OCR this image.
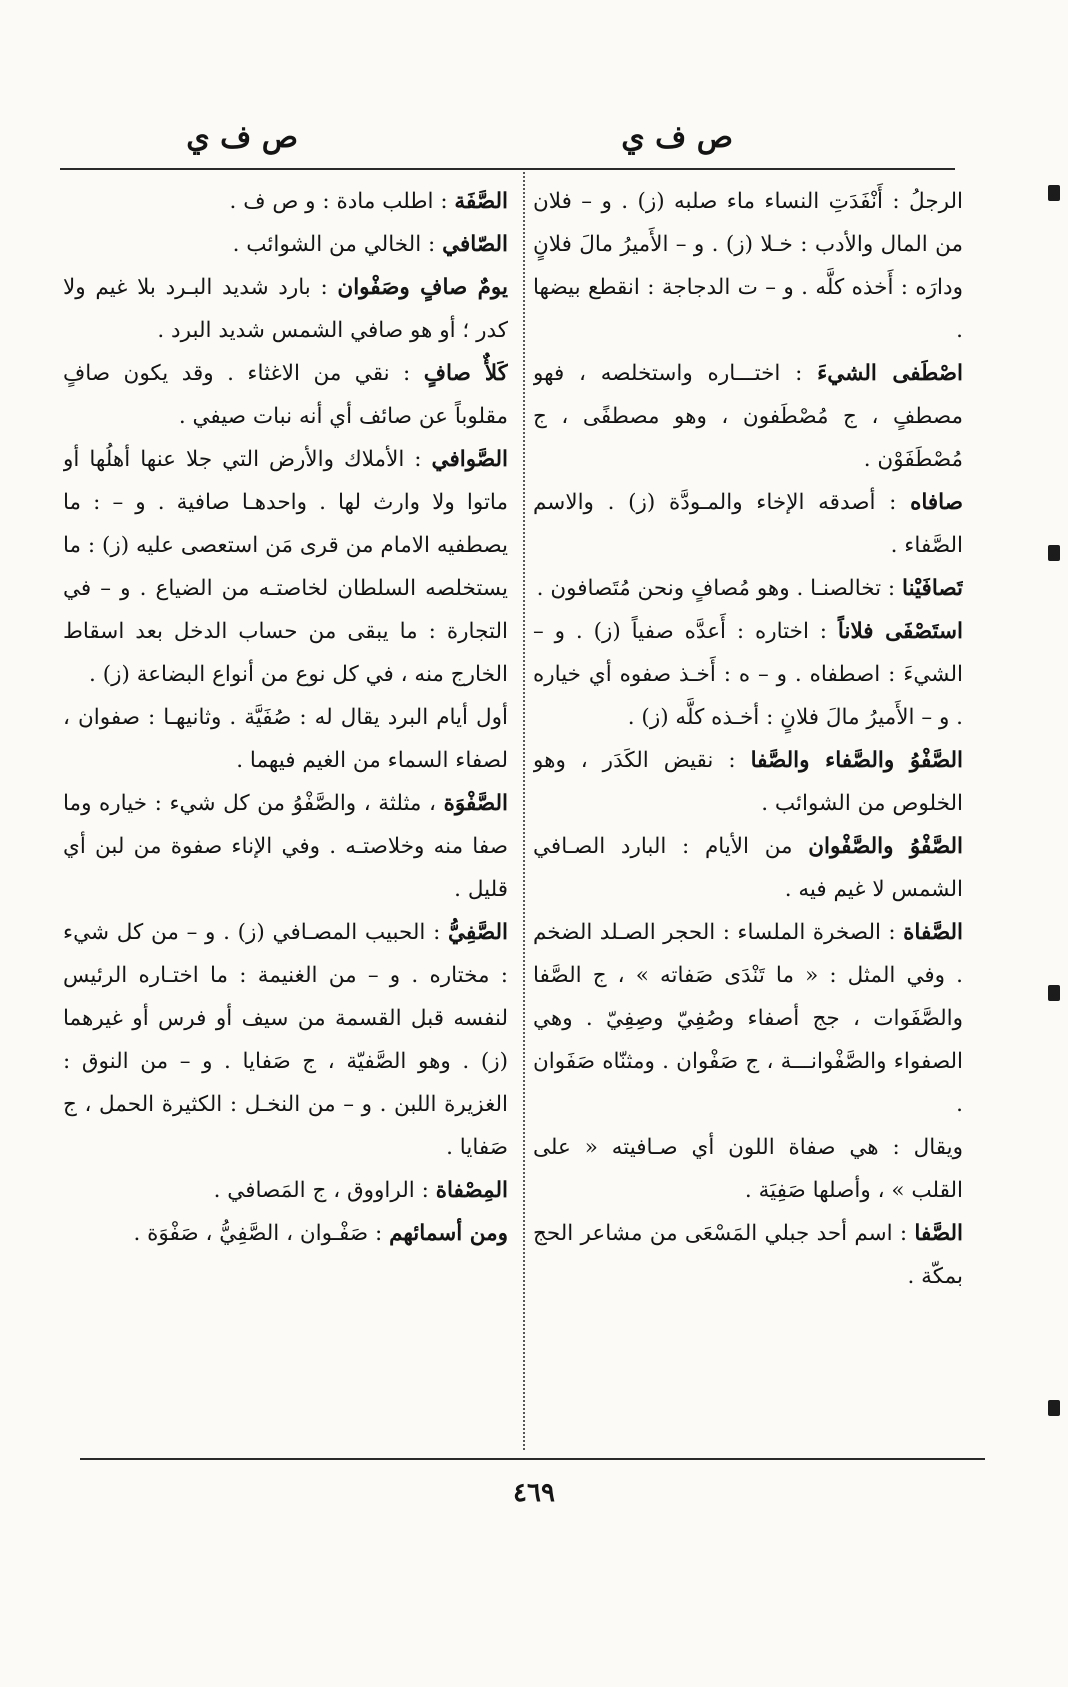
ص ف ي
ص ف ي

الرجلُ : أَنْفَدَتِ النساء ماء صلبه (ز) . و – فلان من المال والأدب : خـلا (ز) . و – الأَميرُ مالَ فلانٍ ودارَه : أَخذه كلَّه . و – ت الدجاجة : انقطع بيضها .

اصْطَفى الشيءَ : اختـــاره واستخلصه ، فهو مصطفٍ ، ج مُصْطَفون ، وهو مصطفًى ، ج مُصْطَفَوْن .

صافاه : أصدقه الإخاء والمـودَّة (ز) . والاسم الصَّفاء .

تَصافَيْنا : تخالصنـا . وهو مُصافٍ ونحن مُتَصافون .

استَصْفَى فلاناً : اختاره : أَعدَّه صفياً (ز) . و – الشيءَ : اصطفاه . و – ه : أَخـذ صفوه أي خياره . و – الأَميرُ مالَ فلانٍ : أخـذه كلَّه (ز) .

الصَّفْوُ والصَّفاء والصَّفا : نقيض الكَدَر ، وهو الخلوص من الشوائب .

الصَّفْوُ والصَّفْوان من الأيام : البارد الصـافي الشمس لا غيم فيه .

الصَّفاة : الصخرة الملساء : الحجر الصـلد الضخم . وفي المثل : « ما تَنْدَى صَفاته » ، ج الصَّفا والصَّفَوات ، جج أصفاء وصُفِيّ وصِفِيّ . وهي الصفواء والصَّفْوانـــة ، ج صَفْوان . ومثنّاه صَفَوان .

ويقال : هي صفاة اللون أي صـافيته « على القلب » ، وأصلها صَفِيَة .

الصَّفا : اسم أحد جبلي المَسْعَى من مشاعر الحج بمكّة .

الصَّفَة : اطلب مادة : و ص ف .

الصّافي : الخالي من الشوائب .

يومٌ صافٍ وصَفْوان : بارد شديد البـرد بلا غيم ولا كدر ؛ أو هو صافي الشمس شديد البرد .

كَلأٌ صافٍ : نقي من الاغثاء . وقد يكون صافٍ مقلوباً عن صائف أي أنه نبات صيفي .

الصَّوافي : الأملاك والأرض التي جلا عنها أهلُها أو ماتوا ولا وارث لها . واحدهـا صافية . و – : ما يصطفيه الامام من قرى مَن استعصى عليه (ز) : ما يستخلصه السلطان لخاصتـه من الضياع . و – في التجارة : ما يبقى من حساب الدخل بعد اسقاط الخارج منه ، في كل نوع من أنواع البضاعة (ز) .

أول أيام البرد يقال له : صُفَيَّة . وثانيهـا : صفوان ، لصفاء السماء من الغيم فيهما .

الصَّفْوَة ، مثلثة ، والصَّفْوُ من كل شيء : خياره وما صفا منه وخلاصتـه . وفي الإناء صفوة من لبن أي قليل .

الصَّفِيُّ : الحبيب المصـافي (ز) . و – من كل شيء : مختاره . و – من الغنيمة : ما اختـاره الرئيس لنفسه قبل القسمة من سيف أو فرس أو غيرهما (ز) . وهو الصَّفيّة ، ج صَفايا . و – من النوق : الغزيرة اللبن . و – من النخـل : الكثيرة الحمل ، ج صَفايا .

المِصْفاة : الراووق ، ج المَصافي .

ومن أسمائهم : صَفْـوان ، الصَّفِيُّ ، صَفْوَة .

٤٦٩
